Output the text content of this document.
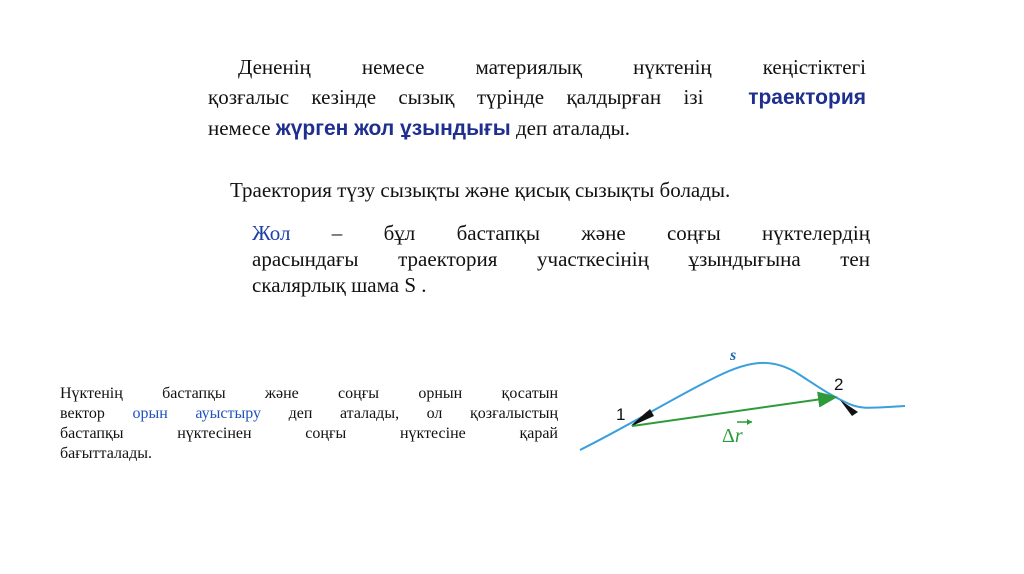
Дененің немесе материялық нүктенің кеңістіктегі
қозғалыс кезінде сызық түрінде қалдырған ізі траектория
немесе жүрген жол ұзындығы деп аталады.
Траектория түзу сызықты және қисық сызықты болады.
Жол – бұл бастапқы және соңғы нүктелердің
арасындағы траектория участкесінің ұзындығына тен
скалярлық шама S .
Нүктенің бастапқы және соңғы орнын қосатын
вектор орын ауыстыру деп аталады, ол қозғалыстың
бастапқы нүктесінен соңғы нүктесіне қарай
бағытталады.
s
1
2
Δr
